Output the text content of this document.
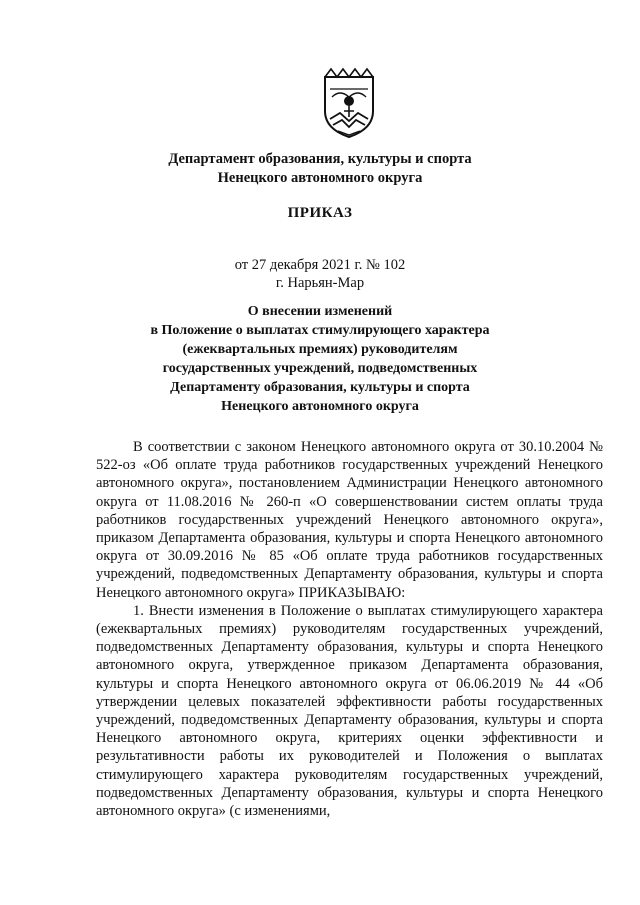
Департамент образования, культуры и спорта
Ненецкого автономного округа
ПРИКАЗ
от 27 декабря 2021 г. № 102
г. Нарьян-Мар
О внесении изменений
в Положение о выплатах стимулирующего характера
(ежеквартальных премиях) руководителям
государственных учреждений, подведомственных
Департаменту образования, культуры и спорта
Ненецкого автономного округа

В соответствии с законом Ненецкого автономного округа от 30.10.2004 № 522-оз «Об оплате труда работников государственных учреждений Ненецкого автономного округа», постановлением Администрации Ненецкого автономного округа от 11.08.2016 № 260-п «О совершенствовании систем оплаты труда работников государственных учреждений Ненецкого автономного округа», приказом Департамента образования, культуры и спорта Ненецкого автономного округа от 30.09.2016 № 85 «Об оплате труда работников государственных учреждений, подведомственных Департаменту образования, культуры и спорта Ненецкого автономного округа» ПРИКАЗЫВАЮ:

1. Внести изменения в Положение о выплатах стимулирующего характера (ежеквартальных премиях) руководителям государственных учреждений, подведомственных Департаменту образования, культуры и спорта Ненецкого автономного округа, утвержденное приказом Департамента образования, культуры и спорта Ненецкого автономного округа от 06.06.2019 № 44 «Об утверждении целевых показателей эффективности работы государственных учреждений, подведомственных Департаменту образования, культуры и спорта Ненецкого автономного округа, критериях оценки эффективности и результативности работы их руководителей и Положения о выплатах стимулирующего характера руководителям государственных учреждений, подведомственных Департаменту образования, культуры и спорта Ненецкого автономного округа» (с изменениями,
